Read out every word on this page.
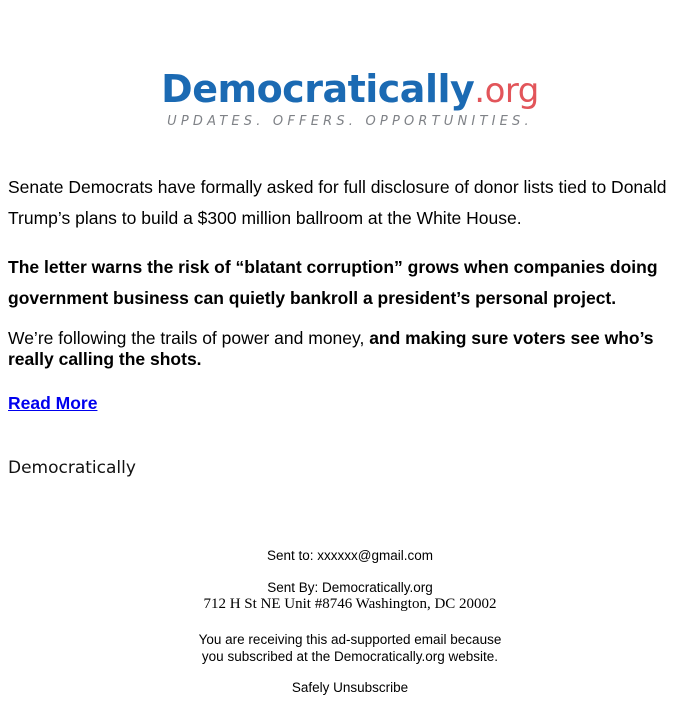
Democratically.org
UPDATES. OFFERS. OPPORTUNITIES.
Senate Democrats have formally asked for full disclosure of donor lists tied to Donald Trump’s plans to build a $300 million ballroom at the White House.
The letter warns the risk of “blatant corruption” grows when companies doing government business can quietly bankroll a president’s personal project.
We’re following the trails of power and money, and making sure voters see who’s really calling the shots.
Read More
Democratically
Sent to: xxxxxx@gmail.com
Sent By: Democratically.org
712 H St NE Unit #8746 Washington, DC 20002
You are receiving this ad-supported email because
you subscribed at the Democratically.org website.
Safely Unsubscribe
